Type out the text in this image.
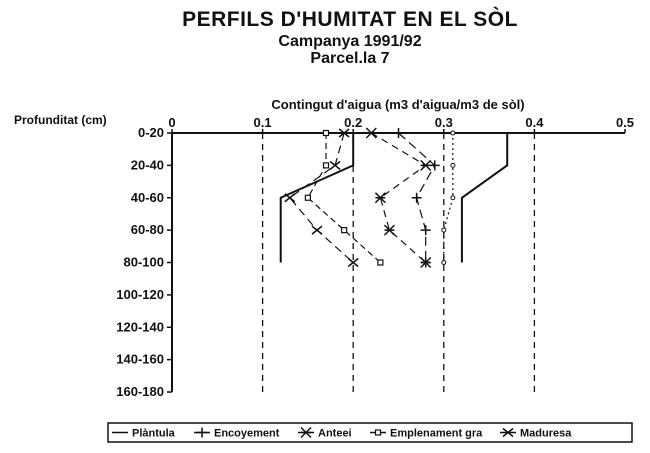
PERFILS D'HUMITAT EN EL SÒL
Campanya 1991/92
Parcel.la 7
0	0.1	0.2	0.3	0.4	0.5
0-20
20-40
40-60
60-80
80-100
100-120
120-140
140-160
160-180
Contingut d'aigua (m3 d'aigua/m3 de sòl)
Profunditat (cm)
Plàntula	Encoyement	Anteei	Emplenament gra	Maduresa
